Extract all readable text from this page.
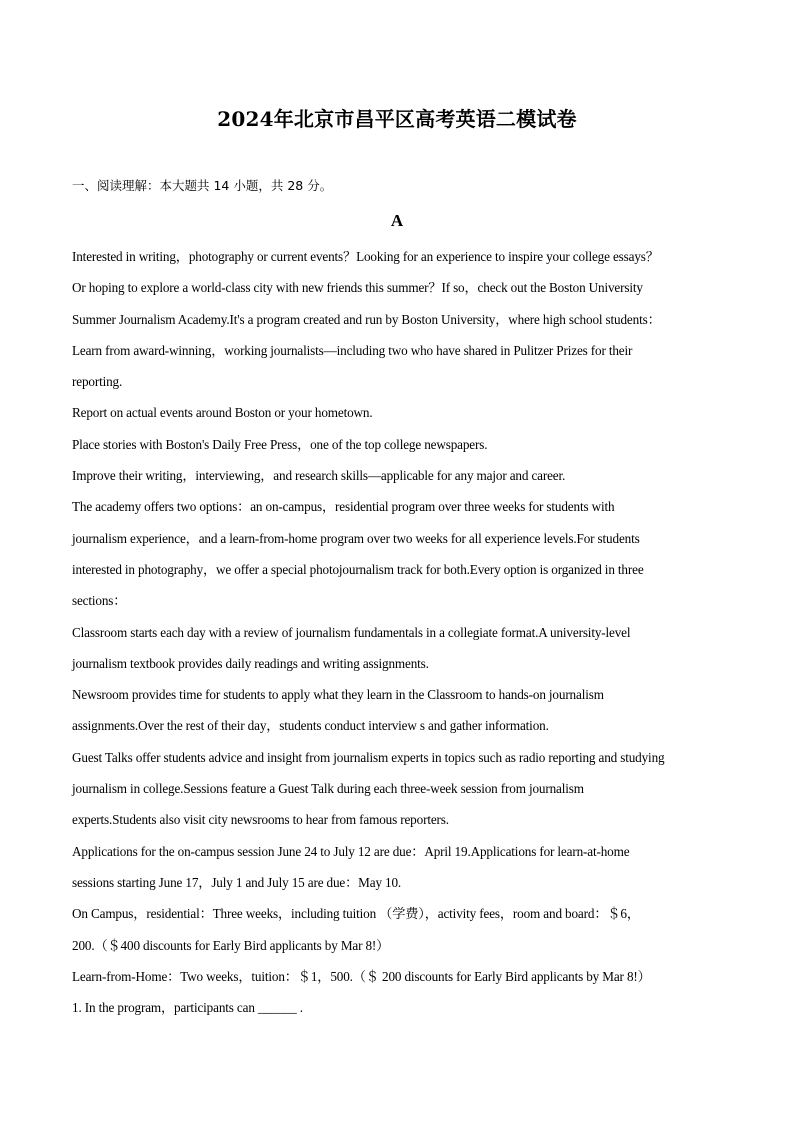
2024年北京市昌平区高考英语二模试卷
一、阅读理解：本大题共 14 小题，共 28 分。
A
Interested in writing，photography or current events？Looking for an experience to inspire your college essays？
Or hoping to explore a world-class city with new friends this summer？If so，check out the Boston University
Summer Journalism Academy.It's a program created and run by Boston University，where high school students：
Learn from award-winning，working journalists—including two who have shared in Pulitzer Prizes for their
reporting.
Report on actual events around Boston or your hometown.
Place stories with Boston's Daily Free Press，one of the top college newspapers.
Improve their writing，interviewing，and research skills—applicable for any major and career.
The academy offers two options：an on-campus，residential program over three weeks for students with
journalism experience，and a learn-from-home program over two weeks for all experience levels.For students
interested in photography，we offer a special photojournalism track for both.Every option is organized in three
sections：
Classroom starts each day with a review of journalism fundamentals in a collegiate format.A university-level
journalism textbook provides daily readings and writing assignments.
Newsroom provides time for students to apply what they learn in the Classroom to hands-on journalism
assignments.Over the rest of their day，students conduct interview s and gather information.
Guest Talks offer students advice and insight from journalism experts in topics such as radio reporting and studying
journalism in college.Sessions feature a Guest Talk during each three-week session from journalism
experts.Students also visit city newsrooms to hear from famous reporters.
Applications for the on-campus session June 24 to July 12 are due：April 19.Applications for learn-at-home
sessions starting June 17，July 1 and July 15 are due：May 10.
On Campus，residential：Three weeks，including tuition （学费），activity fees，room and board：＄6，
200.（＄400 discounts for Early Bird applicants by Mar 8!）
Learn-from-Home：Two weeks，tuition：＄1，500.（＄ 200 discounts for Early Bird applicants by Mar 8!）
1. In the program，participants can ______ .
